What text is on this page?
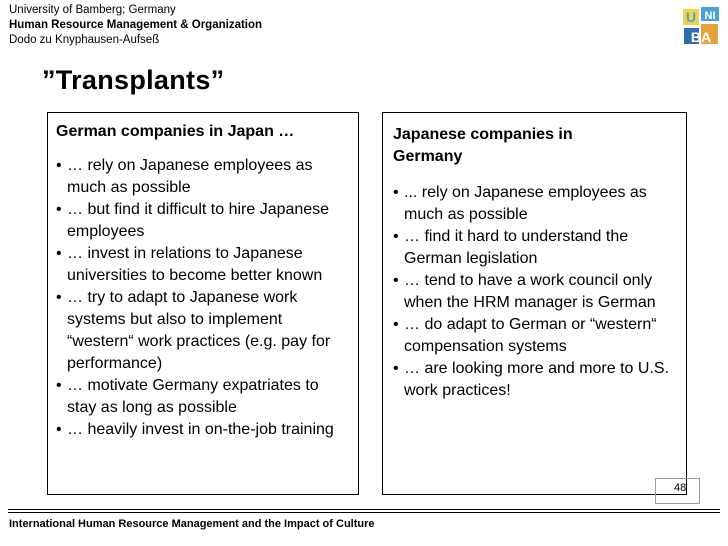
University of Bamberg; Germany
Human Resource Management & Organization
Dodo zu Knyphausen-Aufseß
U NI
BA
”Transplants”
German companies in Japan …
• … rely on Japanese employees as much as possible
• … but find it difficult to hire Japanese employees
• … invest in relations to Japanese universities to become better known
• … try to adapt to Japanese work systems but also to implement “western“ work practices (e.g. pay for performance)
• … motivate Germany expatriates to stay as long as possible
• … heavily invest in on-the-job training
Japanese companies in Germany
• ... rely on Japanese employees as much as possible
• … find it hard to understand the German legislation
• … tend to have a work council only when the HRM manager is German
• … do adapt to German or “western“ compensation systems
• … are looking more and more to U.S. work practices!
48
International Human Resource Management and the Impact of Culture
